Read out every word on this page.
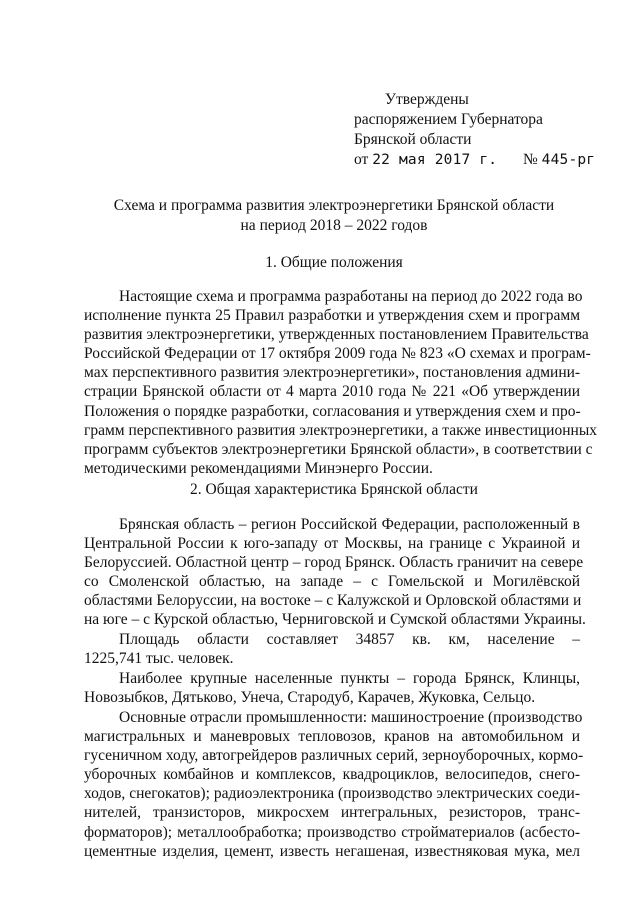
Утверждены
распоряжением Губернатора
Брянской области
от 22 мая 2017 г. № 445-рг
Схема и программа развития электроэнергетики Брянской области
на период 2018 – 2022 годов
1. Общие положения
Настоящие схема и программа разработаны на период до 2022 года во
исполнение пункта 25 Правил разработки и утверждения схем и программ
развития электроэнергетики, утвержденных постановлением Правительства
Российской Федерации от 17 октября 2009 года № 823 «О схемах и програм-
мах перспективного развития электроэнергетики», постановления админи-
страции Брянской области от 4 марта 2010 года № 221 «Об утверждении
Положения о порядке разработки, согласования и утверждения схем и про-
грамм перспективного развития электроэнергетики, а также инвестиционных
программ субъектов электроэнергетики Брянской области», в соответствии с
методическими рекомендациями Минэнерго России.
2. Общая характеристика Брянской области
Брянская область – регион Российской Федерации, расположенный в
Центральной России к юго-западу от Москвы, на границе с Украиной и
Белоруссией. Областной центр – город Брянск. Область граничит на севере
со Смоленской областью, на западе – с Гомельской и Могилёвской
областями Белоруссии, на востоке – с Калужской и Орловской областями и
на юге – с Курской областью, Черниговской и Сумской областями Украины.
Площадь области составляет 34857 кв. км, население –
1225,741 тыс. человек.
Наиболее крупные населенные пункты – города Брянск, Клинцы,
Новозыбков, Дятьково, Унеча, Стародуб, Карачев, Жуковка, Сельцо.
Основные отрасли промышленности: машиностроение (производство
магистральных и маневровых тепловозов, кранов на автомобильном и
гусеничном ходу, автогрейдеров различных серий, зерноуборочных, кормо-
уборочных комбайнов и комплексов, квадроциклов, велосипедов, снего-
ходов, снегокатов); радиоэлектроника (производство электрических соеди-
нителей, транзисторов, микросхем интегральных, резисторов, транс-
форматоров); металлообработка; производство стройматериалов (асбесто-
цементные изделия, цемент, известь негашеная, известняковая мука, мел
